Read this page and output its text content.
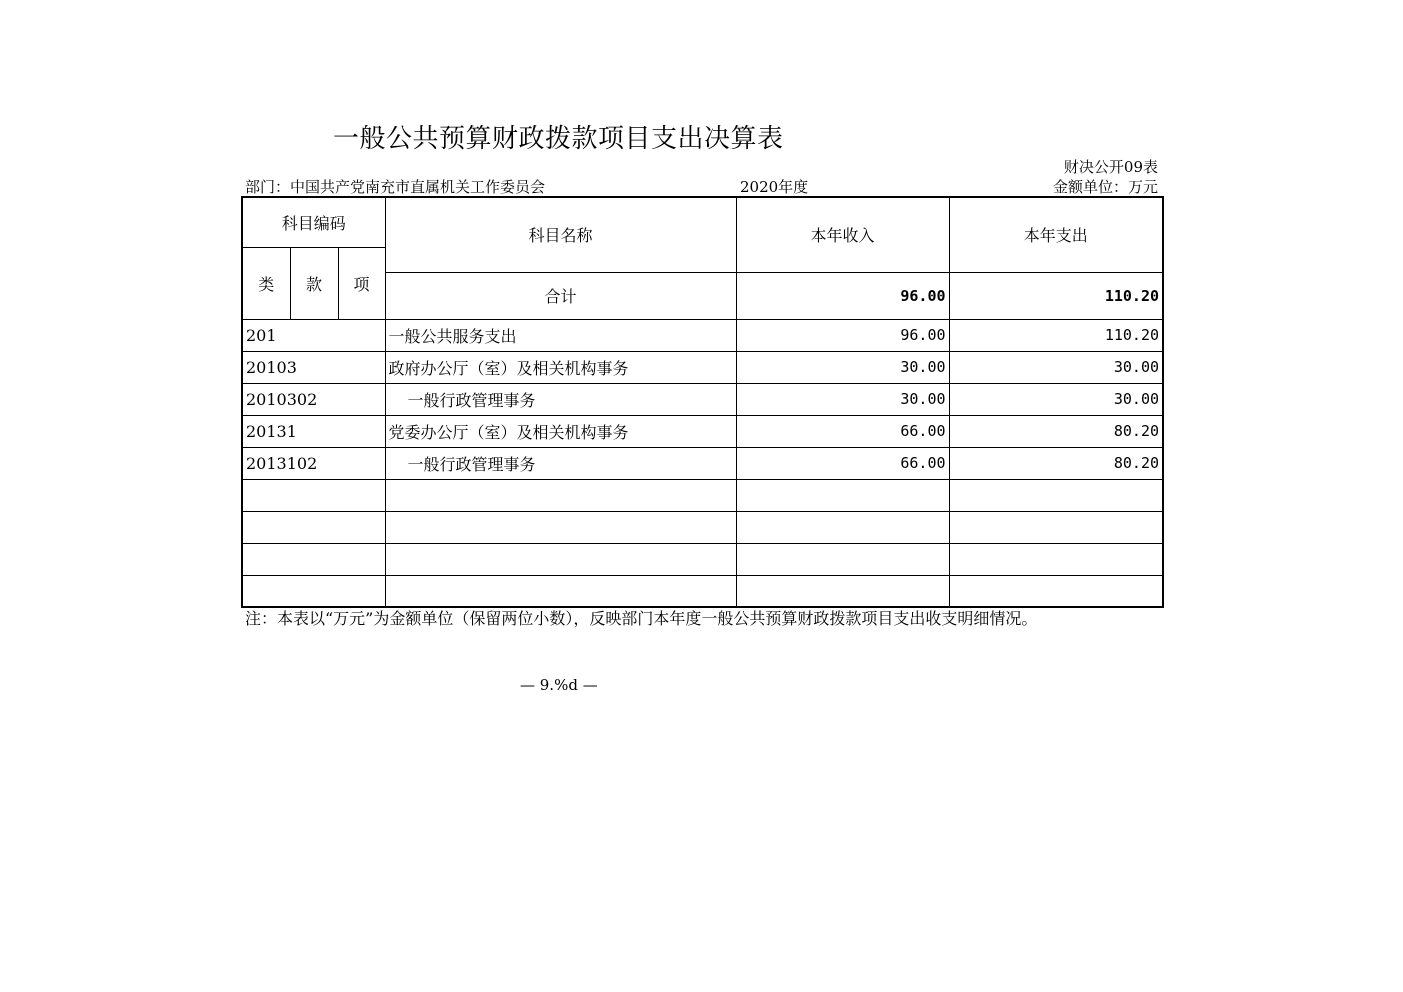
一般公共预算财政拨款项目支出决算表
财决公开09表
部门：中国共产党南充市直属机关工作委员会	2020年度	金额单位：万元
科目编码			科目名称	本年收入	本年支出
类	款	项			
			合计	96.00	110.20
201			一般公共服务支出	96.00	110.20
20103			政府办公厅（室）及相关机构事务	30.00	30.00
2010302			一般行政管理事务	30.00	30.00
20131			党委办公厅（室）及相关机构事务	66.00	80.20
2013102			一般行政管理事务	66.00	80.20

注：本表以“万元”为金额单位（保留两位小数），反映部门本年度一般公共预算财政拨款项目支出收支明细情况。
— 9.%d —
